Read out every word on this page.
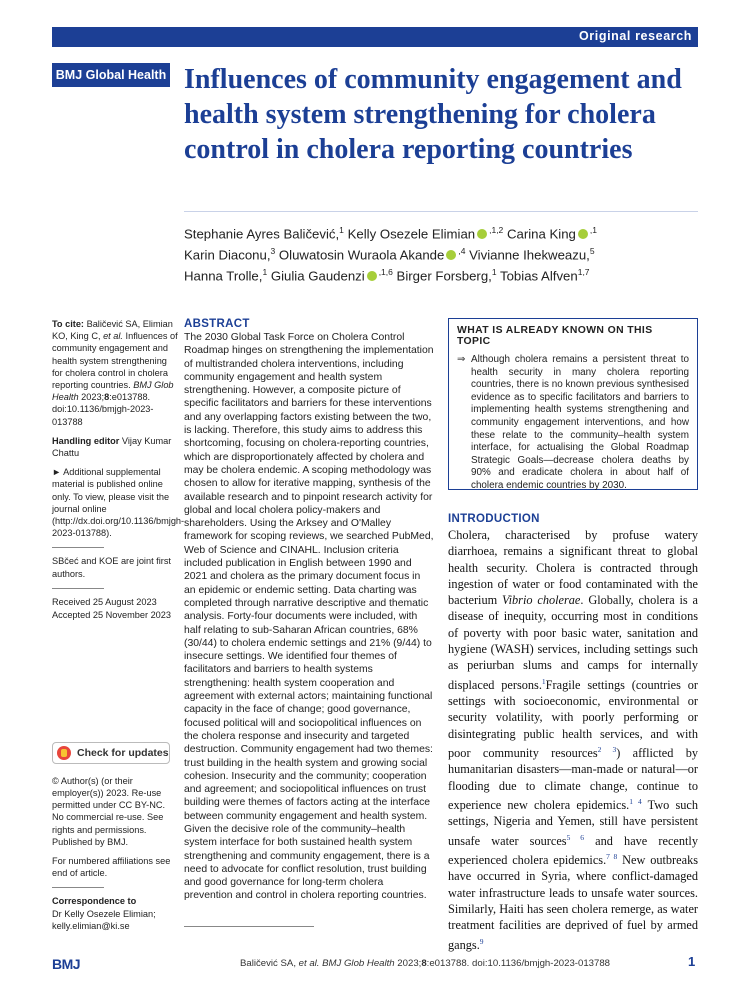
Original research
BMJ Global Health Influences of community engagement and health system strengthening for cholera control in cholera reporting countries
Stephanie Ayres Baličević,$^1$ Kelly Osezele Elimian $^{,1,2}$ Carina King $^{,1}$
Karin Diaconu,$^3$ Oluwatosin Wuraola Akande $^{,4}$ Vivianne Ihekweazu,$^5$
Hanna Trolle,$^1$ Giulia Gaudenzi $^{,1,6}$ Birger Forsberg,$^1$ Tobias Alfven$^{1,7}$

To cite: Baličević SA, Elimian KO, King C, et al. Influences of community engagement and health system strengthening for cholera control in cholera reporting countries. BMJ Glob Health 2023;8:e013788. doi:10.1136/bmjgh-2023-013788

Handling editor Vijay Kumar Chattu

► Additional supplemental material is published online only. To view, please visit the journal online (http://dx.doi.org/10.1136/bmjgh-2023-013788).

SBčeć and KOE are joint first authors.

Received 25 August 2023
Accepted 25 November 2023

Check for updates

© Author(s) (or their employer(s)) 2023. Re-use permitted under CC BY-NC. No commercial re-use. See rights and permissions. Published by BMJ.

For numbered affiliations see end of article.

Correspondence to
Dr Kelly Osezele Elimian;
kelly.elimian@ki.se

ABSTRACT
The 2030 Global Task Force on Cholera Control Roadmap hinges on strengthening the implementation of multistranded cholera interventions, including community engagement and health system strengthening. However, a composite picture of specific facilitators and barriers for these interventions and any overlapping factors existing between the two, is lacking. Therefore, this study aims to address this shortcoming, focusing on cholera-reporting countries, which are disproportionately affected by cholera and may be cholera endemic. A scoping methodology was chosen to allow for iterative mapping, synthesis of the available research and to pinpoint research activity for global and local cholera policy-makers and shareholders. Using the Arksey and O'Malley framework for scoping reviews, we searched PubMed, Web of Science and CINAHL. Inclusion criteria included publication in English between 1990 and 2021 and cholera as the primary document focus in an epidemic or endemic setting. Data charting was completed through narrative descriptive and thematic analysis. Forty-four documents were included, with half relating to sub-Saharan African countries, 68% (30/44) to cholera endemic settings and 21% (9/44) to insecure settings. We identified four themes of facilitators and barriers to health systems strengthening: health system cooperation and agreement with external actors; maintaining functional capacity in the face of change; good governance, focused political will and sociopolitical influences on the cholera response and insecurity and targeted destruction. Community engagement had two themes: trust building in the health system and growing social cohesion. Insecurity and the community; cooperation and agreement; and sociopolitical influences on trust building were themes of factors acting at the interface between community engagement and health system. Given the decisive role of the community–health system interface for both sustained health system strengthening and community engagement, there is a need to advocate for conflict resolution, trust building and good governance for long-term cholera prevention and control in cholera reporting countries.
WHAT IS ALREADY KNOWN ON THIS TOPIC
⇒ Although cholera remains a persistent threat to health security in many cholera reporting countries, there is no known previous synthesised evidence as to specific facilitators and barriers to implementing health systems strengthening and community engagement interventions, and how these relate to the community–health system interface, for actualising the Global Roadmap Strategic Goals—decrease cholera deaths by 90% and eradicate cholera in about half of cholera endemic countries by 2030.
INTRODUCTION
Cholera, characterised by profuse watery diarrhoea, remains a significant threat to global health security. Cholera is contracted through ingestion of water or food contaminated with the bacterium Vibrio cholerae. Globally, cholera is a disease of inequity, occurring most in conditions of poverty with poor basic water, sanitation and hygiene (WASH) services, including settings such as periurban slums and camps for internally displaced persons.$^1$Fragile settings (countries or settings with socioeconomic, environmental or security volatility, with poorly performing or disintegrating public health services, and with poor community resources$^{2 3}$) afflicted by humanitarian disasters—man-made or natural—or flooding due to climate change, continue to experience new cholera epidemics.$^{1 4}$ Two such settings, Nigeria and Yemen, still have persistent unsafe water sources$^{5 6}$ and have recently experienced cholera epidemics.$^{7 8}$ New outbreaks have occurred in Syria, where conflict-damaged water infrastructure leads to unsafe water sources. Similarly, Haiti has seen cholera remerge, as water treatment facilities are deprived of fuel by armed gangs.$^9$
BMJ	Baličević SA, et al. BMJ Glob Health 2023;8:e013788. doi:10.1136/bmjgh-2023-013788	1
